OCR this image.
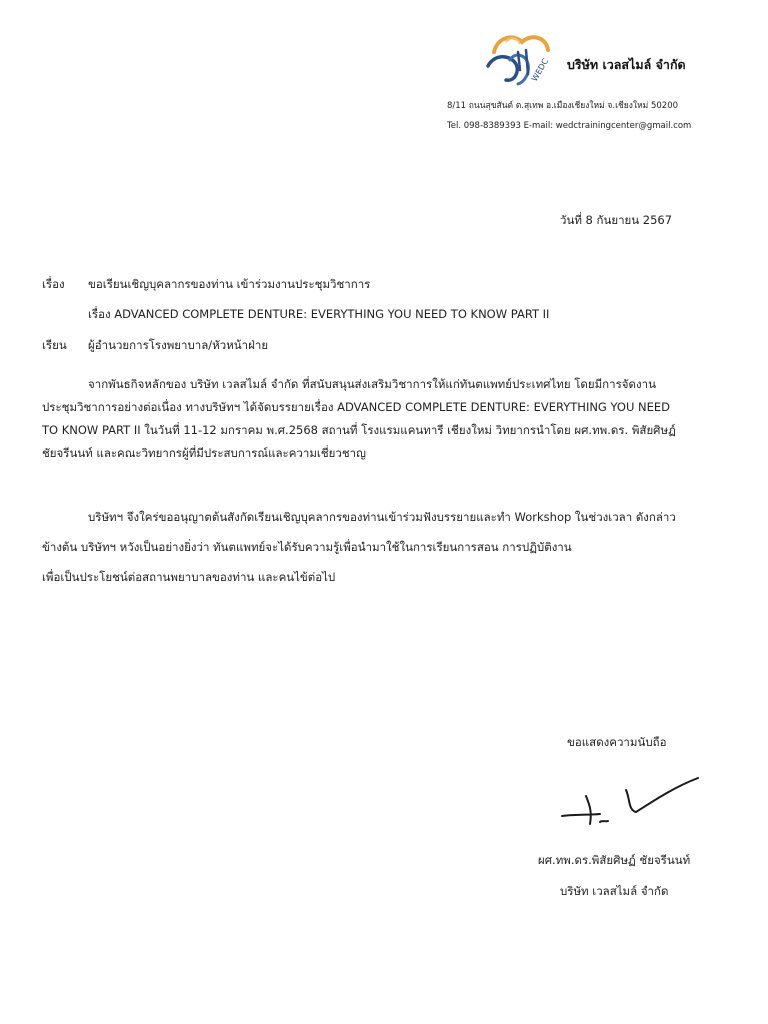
WEDC บริษัท เวลสไมล์ จำกัด
8/11 ถนนสุขสันต์ ต.สุเทพ อ.เมืองเชียงใหม่ จ.เชียงใหม่ 50200
Tel. 098-8389393 E-mail: wedctrainingcenter@gmail.com
วันที่ 8 กันยายน 2567
เรื่อง ขอเรียนเชิญบุคลากรของท่าน เข้าร่วมงานประชุมวิชาการ
เรื่อง ADVANCED COMPLETE DENTURE: EVERYTHING YOU NEED TO KNOW PART II
เรียน ผู้อำนวยการโรงพยาบาล/หัวหน้าฝ่าย
จากพันธกิจหลักของ บริษัท เวลสไมล์ จำกัด ที่สนับสนุนส่งเสริมวิชาการให้แก่ทันตแพทย์ประเทศไทย โดยมีการจัดงาน
ประชุมวิชาการอย่างต่อเนื่อง ทางบริษัทฯ ได้จัดบรรยายเรื่อง ADVANCED COMPLETE DENTURE: EVERYTHING YOU NEED
TO KNOW PART II ในวันที่ 11-12 มกราคม พ.ศ.2568 สถานที่ โรงแรมแคนทารี เชียงใหม่ วิทยากรนำโดย ผศ.ทพ.ดร. พิสัยศิษฏ์
ชัยจรีนนท์ และคณะวิทยากรผู้ที่มีประสบการณ์และความเชี่ยวชาญ
บริษัทฯ จึงใคร่ขออนุญาตต้นสังกัดเรียนเชิญบุคลากรของท่านเข้าร่วมฟังบรรยายและทำ Workshop ในช่วงเวลา ดังกล่าว
ข้างต้น บริษัทฯ หวังเป็นอย่างยิ่งว่า ทันตแพทย์จะได้รับความรู้เพื่อนำมาใช้ในการเรียนการสอน การปฏิบัติงาน
เพื่อเป็นประโยชน์ต่อสถานพยาบาลของท่าน และคนไข้ต่อไป
ขอแสดงความนับถือ
ผศ.ทพ.ดร.พิสัยศิษฏ์ ชัยจรีนนท์
บริษัท เวลสไมล์ จำกัด
